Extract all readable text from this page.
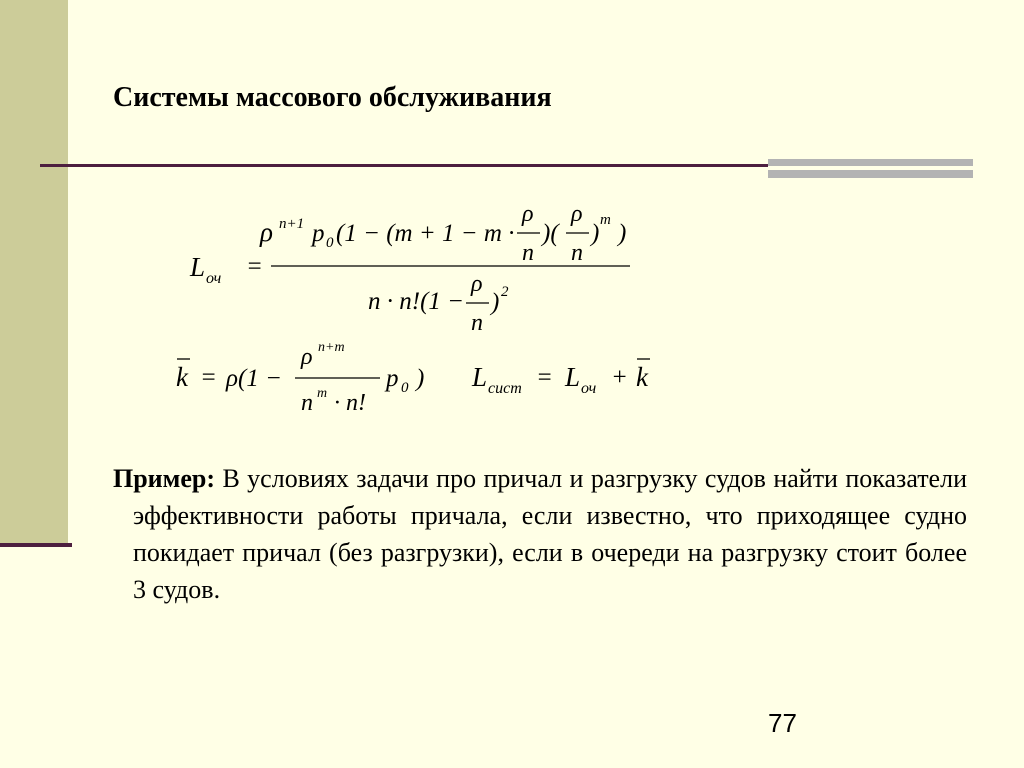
Системы массового обслуживания
L оч =
ρ n+1 p 0 (1 − (m + 1 − m ·
ρ
n
)(
ρ
n
) m )
n · n!(1 −
ρ
n
) 2
k = ρ(1 −
ρ n+m
n m · n!
p 0 ) L сист = L оч + k

Пример: В условиях задачи про причал и разгрузку судов найти показатели эффективности работы причала, если известно, что приходящее судно покидает причал (без разгрузки), если в очереди на разгрузку стоит более 3 судов.

77
